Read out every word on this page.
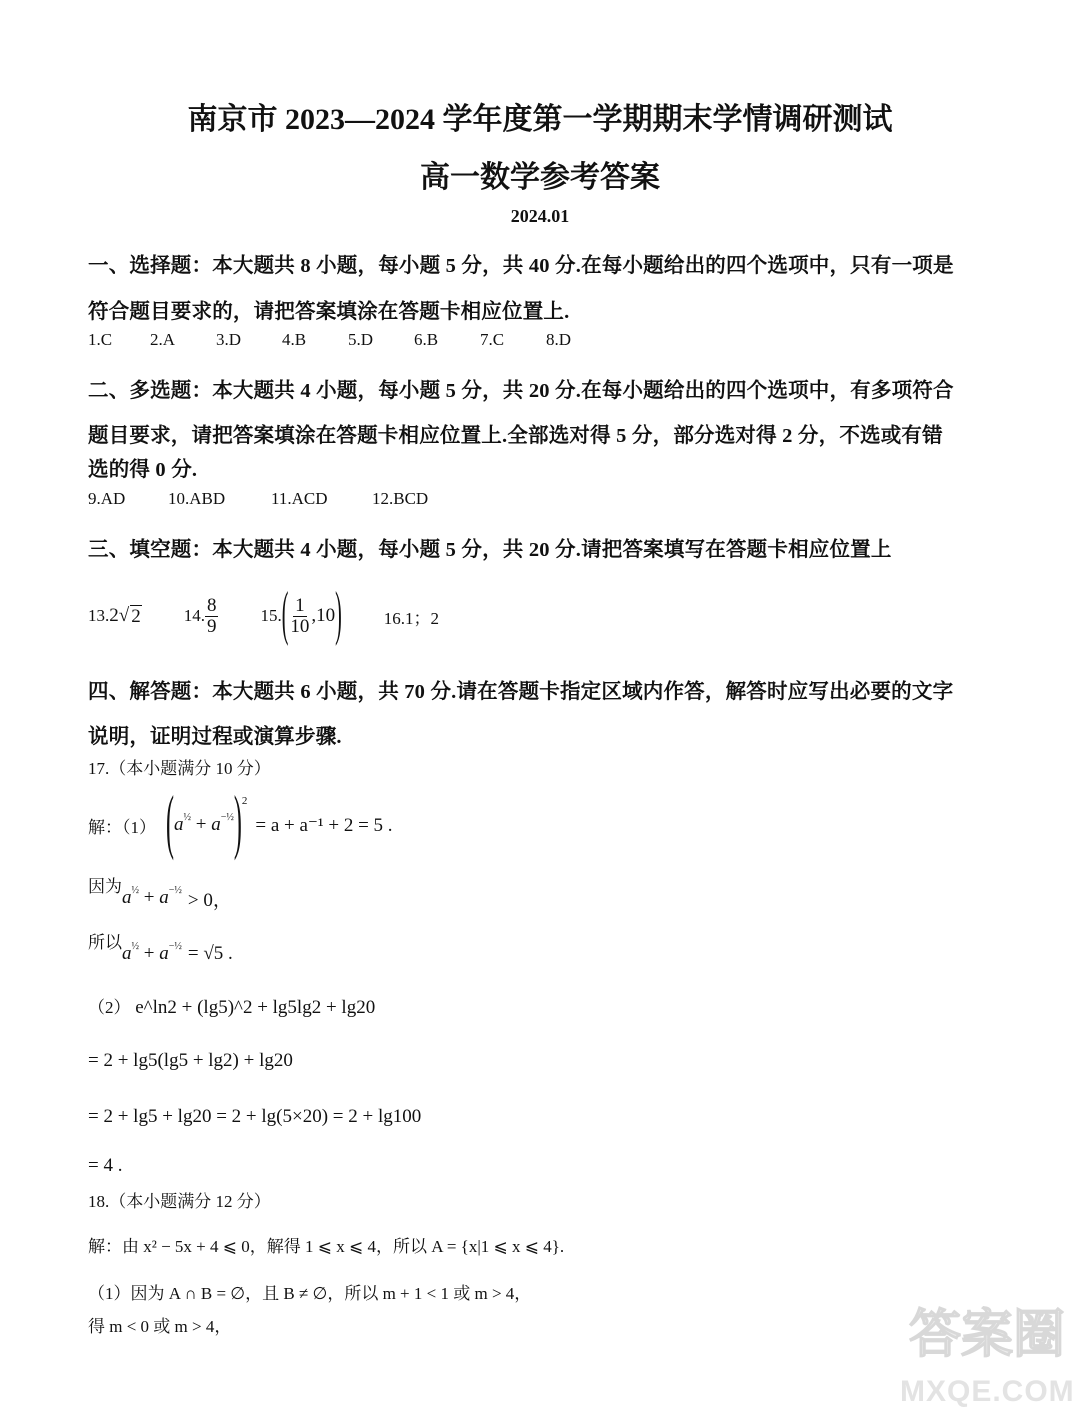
南京市 2023—2024 学年度第一学期期末学情调研测试
高一数学参考答案
2024.01
一、选择题：本大题共 8 小题，每小题 5 分，共 40 分.在每小题给出的四个选项中，只有一项是
符合题目要求的，请把答案填涂在答题卡相应位置上.
1.C 2.A 3.D 4.B 5.D 6.B 7.C 8.D
二、多选题：本大题共 4 小题，每小题 5 分，共 20 分.在每小题给出的四个选项中，有多项符合
题目要求，请把答案填涂在答题卡相应位置上.全部选对得 5 分，部分选对得 2 分，不选或有错
选的得 0 分.
9.AD	10.ABD	11.ACD	12.BCD
三、填空题：本大题共 4 小题，每小题 5 分，共 20 分.请把答案填写在答题卡相应位置上
13. 2 √ 2	14. $\frac{8}{9} 15$. ( $\frac{1}{10} ,10$ ) 16.1；2
四、解答题：本大题共 6 小题，共 70 分.请在答题卡指定区域内作答，解答时应写出必要的文字
说明，证明过程或演算步骤.
17.（本小题满分 10 分）
解：（1） ( $a^{\frac{1}{2}} + a^{-\frac{1}{2}}$ ) 2
= a + a⁻¹ + 2 = 5 .
因为
$a^{\frac{1}{2}} + a^{-\frac{1}{2}} > 0$，
所以
$a^{\frac{1}{2}} + a^{-\frac{1}{2}} = √5$ .
（2） e^ln2 + (lg5)^2 + lg5lg2 + lg20
= 2 + lg5(lg5 + lg2) + lg20
= 2 + lg5 + lg20 = 2 + lg(5×20) = 2 + lg100
= 4 .
18.（本小题满分 12 分）
解：由 x² − 5x + 4 ⩽ 0，解得 1 ⩽ x ⩽ 4，所以 A = {x|1 ⩽ x ⩽ 4}.
（1）因为 A ∩ B = ∅，且 B ≠ ∅，所以 m + 1 < 1 或 m > 4，
得 m < 0 或 m > 4，	答案圈
MXQE.COM
